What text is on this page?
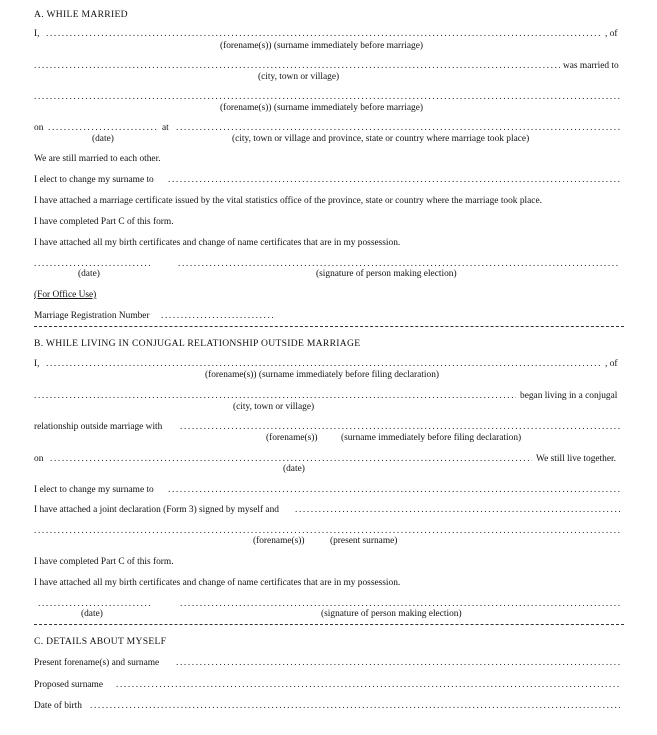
A. WHILE MARRIED
I, .....	, of
(forename(s)) (surname immediately before marriage)
.....
was married to
(city, town or village)
.....
(forename(s)) (surname immediately before marriage)
on .....	at
.....
(date)	(city, town or village and province, state or country where marriage took place)
We are still married to each other.
I elect to change my surname to
.....
I have attached a marriage certificate issued by the vital statistics office of the province, state or country where the marriage took place.
I have completed Part C of this form.
I have attached all my birth certificates and change of name certificates that are in my possession.
.....
.....
(date)	(signature of person making election)
(For Office Use)
Marriage Registration Number
.....
B. WHILE LIVING IN CONJUGAL RELATIONSHIP OUTSIDE MARRIAGE
I, .....	, of
(forename(s)) (surname immediately before filing declaration)
.....
began living in a conjugal
(city, town or village)
relationship outside marriage with
.....
(forename(s)) (surname immediately before filing declaration)
on .....	We still live together.
(date)
I elect to change my surname to
.....
I have attached a joint declaration (Form 3) signed by myself and
.....
.....
(forename(s))	(present surname)
I have completed Part C of this form.
I have attached all my birth certificates and change of name certificates that are in my possession.
.....
.....
(date)	(signature of person making election)
C. DETAILS ABOUT MYSELF
Present forename(s) and surname
.....
Proposed surname
.....
Date of birth
.....
